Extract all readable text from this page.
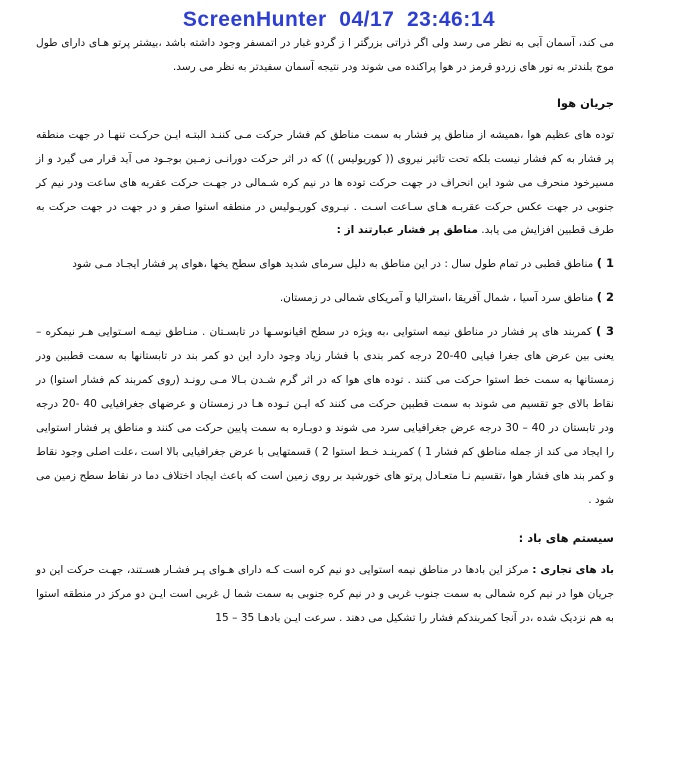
ScreenHunter  04/17  23:46:14

می کند، آسمان آبی به نظر می رسد ولی اگر ذراتی بزرگتر ا ز گردو غبار در اتمسفر وجود داشته باشد ،بیشتر پرتو هـای دارای طول موج بلندتر به نور های زردو قرمز در هوا پراکنده می شوند ودر نتیجه آسمان سفیدتر به نظر می رسد.

جریان هوا

توده های عظیم هوا ،همیشه از مناطق پر فشار به سمت مناطق کم فشار حرکت مـی کننـد البتـه ایـن حرکـت تنهـا در جهت منطقه پر فشار به کم فشار نیست بلکه تحت تاثیر نیروی (( کوریولیس )) که در اثر حرکت دورانـی زمـین بوجـود می آید قرار می گیرد و از مسیرخود منحرف می شود این انحراف در جهت حرکت توده ها در نیم کره شـمالی در جهـت حرکت عقربه های ساعت ودر نیم کر جنوبی در جهت عکس حرکت عقربـه هـای سـاعت اسـت . نیـروی کوریـولیس در منطقه استوا صفر و در جهت در جهت حرکت به طرف قطبین افزایش می یابد. مناطق پر فشار عبارتند از :

1 ) مناطق قطبی در تمام طول سال : در این مناطق به دلیل سرمای شدید هوای سطح یخها ،هوای پر فشار ایجـاد مـی شود

2 ) مناطق سرد آسیا ، شمال آفریقا ،استرالیا و آمریکای شمالی در زمستان.

3 ) کمربند های پر فشار در مناطق نیمه استوایی ،به ویژه در سطح اقیانوسـها در تابسـتان . منـاطق نیمـه اسـتوایی هـر نیمکره – یعنی بین عرض های جغرا فیایی 40-20 درجه کمر بندی با فشار زیاد وجود دارد این دو کمر بند در تابستانها به سمت قطبین ودر زمستانها به سمت خط استوا حرکت می کنند . توده های هوا که در اثر گرم شـدن بـالا مـی رونـد (روی کمربند کم فشار استوا) در نقاط بالای جو تقسیم می شوند به سمت قطبین حرکت می کنند که ایـن تـوده هـا در زمستان و عرضهای جغرافیایی 40 -20 درجه ودر تابستان در 40 – 30 درجه عرض جغرافیایی سرد می شوند و دوبـاره به سمت پایین حرکت می کنند و مناطق پر فشار استوایی را ایجاد می کند از جمله مناطق کم فشار 1 ) کمربنـد خـط استوا 2 ) قسمتهایی با عرض جغرافیایی بالا است ،علت اصلی وجود نقاط و کمر بند های فشار هوا ،تقسیم نـا متعـادل پرتو های خورشید بر روی زمین است که باعث ایجاد اختلاف دما در نقاط سطح زمین می شود .

سیستم های باد :

باد های تجاری : مرکز این بادها در مناطق نیمه استوایی دو نیم کره است کـه دارای هـوای پـر فشـار هسـتند، جهـت حرکت این دو جریان هوا در نیم کره شمالی به سمت جنوب غربی و در نیم کره جنوبی به سمت شما ل غربی است ایـن دو مرکز در منطقه استوا به هم نزدیک شده ،در آنجا کمربندکم فشار را تشکیل می دهند . سرعت ایـن بادهـا 35 – 15
